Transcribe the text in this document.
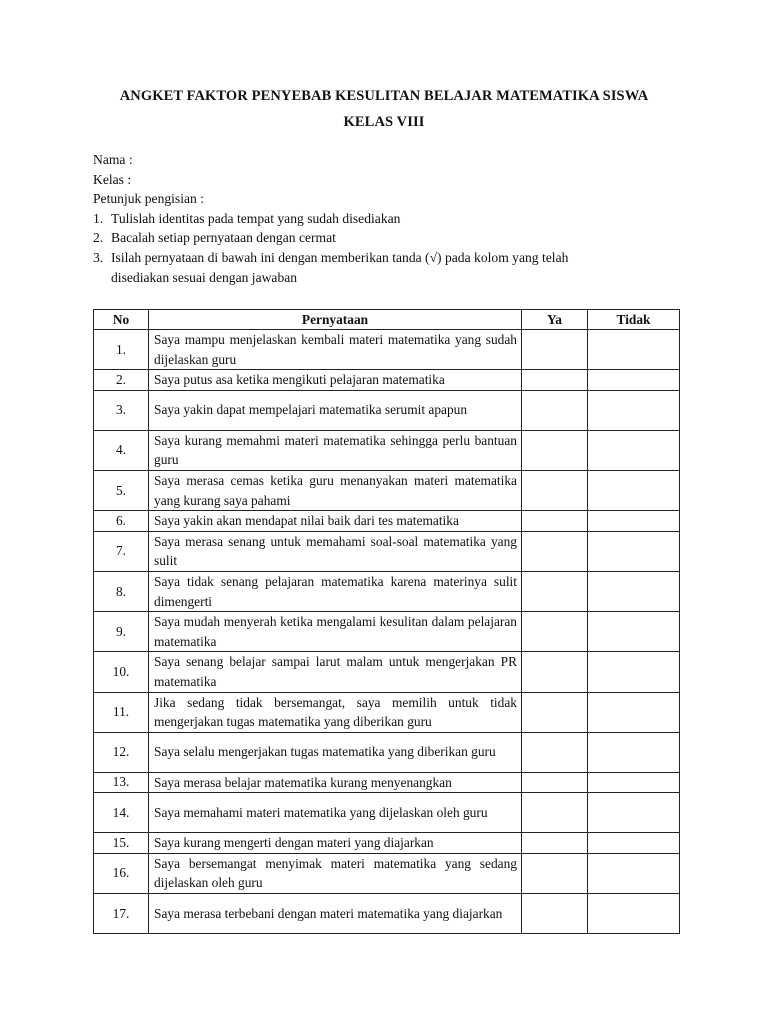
ANGKET FAKTOR PENYEBAB KESULITAN BELAJAR MATEMATIKA SISWA
KELAS VIII
Nama :
Kelas :
Petunjuk pengisian :
1. Tulislah identitas pada tempat yang sudah disediakan
2. Bacalah setiap pernyataan dengan cermat
3. Isilah pernyataan di bawah ini dengan memberikan tanda (√) pada kolom yang telah
disediakan sesuai dengan jawaban
No	Pernyataan	Ya	Tidak
1.	Saya mampu menjelaskan kembali materi matematika yang sudah dijelaskan guru		
2.	Saya putus asa ketika mengikuti pelajaran matematika		
3.	Saya yakin dapat mempelajari matematika serumit apapun		
4.	Saya kurang memahmi materi matematika sehingga perlu bantuan guru		
5.	Saya merasa cemas ketika guru menanyakan materi matematika yang kurang saya pahami		
6.	Saya yakin akan mendapat nilai baik dari tes matematika		
7.	Saya merasa senang untuk memahami soal-soal matematika yang sulit		
8.	Saya tidak senang pelajaran matematika karena materinya sulit dimengerti		
9.	Saya mudah menyerah ketika mengalami kesulitan dalam pelajaran matematika		
10.	Saya senang belajar sampai larut malam untuk mengerjakan PR matematika		
11.	Jika sedang tidak bersemangat, saya memilih untuk tidak mengerjakan tugas matematika yang diberikan guru		
12.	Saya selalu mengerjakan tugas matematika yang diberikan guru		
13.	Saya merasa belajar matematika kurang menyenangkan		
14.	Saya memahami materi matematika yang dijelaskan oleh guru		
15.	Saya kurang mengerti dengan materi yang diajarkan		
16.	Saya bersemangat menyimak materi matematika yang sedang dijelaskan oleh guru		
17.	Saya merasa terbebani dengan materi matematika yang diajarkan		
